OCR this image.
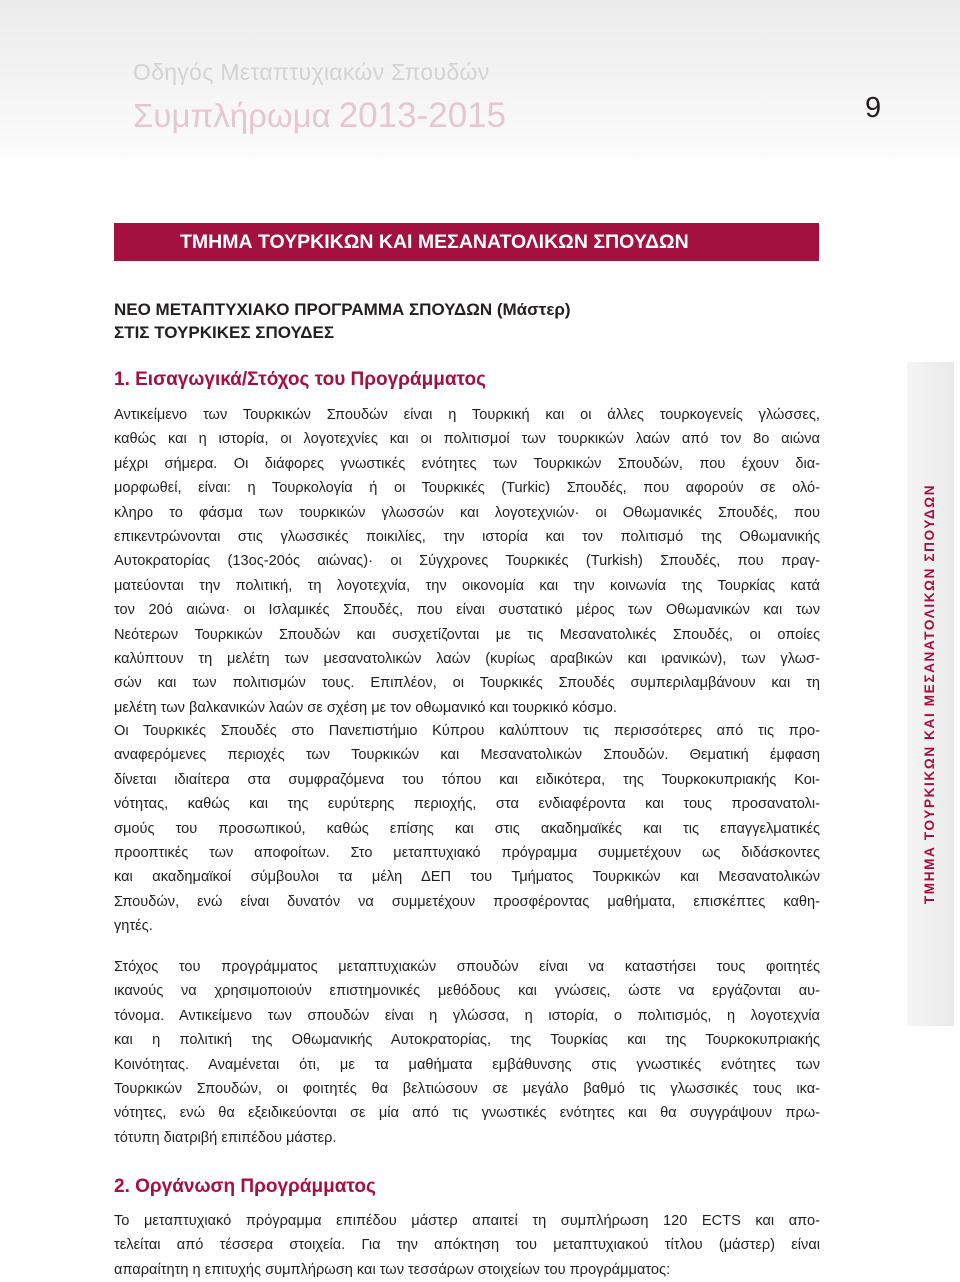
Οδηγός Μεταπτυχιακών Σπουδών
Συμπλήρωμα 2013-2015	9
ΤΜΗΜΑ ΤΟΥΡΚΙΚΩΝ ΚΑΙ ΜΕΣΑΝΑΤΟΛΙΚΩΝ ΣΠΟΥΔΩΝ
ΝΕΟ ΜΕΤΑΠΤΥΧΙΑΚΟ ΠΡΟΓΡΑΜΜΑ ΣΠΟΥΔΩΝ (Μάστερ)
ΣΤΙΣ ΤΟΥΡΚΙΚΕΣ ΣΠΟΥΔΕΣ
1. Εισαγωγικά/Στόχος του Προγράμματος
Αντικείμενο των Τουρκικών Σπουδών είναι η Τουρκική και οι άλλες τουρκογενείς γλώσσες,
καθώς και η ιστορία, οι λογοτεχνίες και οι πολιτισμοί των τουρκικών λαών από τον 8ο αιώνα
μέχρι σήμερα. Οι διάφορες γνωστικές ενότητες των Τουρκικών Σπουδών, που έχουν δια-
μορφωθεί, είναι: η Τουρκολογία ή οι Τουρκικές (Turkic) Σπουδές, που αφορούν σε ολό-
κληρο το φάσμα των τουρκικών γλωσσών και λογοτεχνιών· οι Οθωμανικές Σπουδές, που
επικεντρώνονται στις γλωσσικές ποικιλίες, την ιστορία και τον πολιτισμό της Οθωμανικής
Αυτοκρατορίας (13ος-20ός αιώνας)· οι Σύγχρονες Τουρκικές (Turkish) Σπουδές, που πραγ-
ματεύονται την πολιτική, τη λογοτεχνία, την οικονομία και την κοινωνία της Τουρκίας κατά
τον 20ό αιώνα· οι Ισλαμικές Σπουδές, που είναι συστατικό μέρος των Οθωμανικών και των
Νεότερων Τουρκικών Σπουδών και συσχετίζονται με τις Μεσανατολικές Σπουδές, οι οποίες
καλύπτουν τη μελέτη των μεσανατολικών λαών (κυρίως αραβικών και ιρανικών), των γλωσ-
σών και των πολιτισμών τους. Επιπλέον, οι Τουρκικές Σπουδές συμπεριλαμβάνουν και τη
μελέτη των βαλκανικών λαών σε σχέση με τον οθωμανικό και τουρκικό κόσμο.
Οι Τουρκικές Σπουδές στο Πανεπιστήμιο Κύπρου καλύπτουν τις περισσότερες από τις προ-
αναφερόμενες περιοχές των Τουρκικών και Μεσανατολικών Σπουδών. Θεματική έμφαση
δίνεται ιδιαίτερα στα συμφραζόμενα του τόπου και ειδικότερα, της Τουρκοκυπριακής Κοι-
νότητας, καθώς και της ευρύτερης περιοχής, στα ενδιαφέροντα και τους προσανατολι-
σμούς του προσωπικού, καθώς επίσης και στις ακαδημαϊκές και τις επαγγελματικές
προοπτικές των αποφοίτων. Στο μεταπτυχιακό πρόγραμμα συμμετέχουν ως διδάσκοντες
και ακαδημαϊκοί σύμβουλοι τα μέλη ΔΕΠ του Τμήματος Τουρκικών και Μεσανατολικών
Σπουδών, ενώ είναι δυνατόν να συμμετέχουν προσφέροντας μαθήματα, επισκέπτες καθη-
γητές.
Στόχος του προγράμματος μεταπτυχιακών σπουδών είναι να καταστήσει τους φοιτητές
ικανούς να χρησιμοποιούν επιστημονικές μεθόδους και γνώσεις, ώστε να εργάζονται αυ-
τόνομα. Αντικείμενο των σπουδών είναι η γλώσσα, η ιστορία, ο πολιτισμός, η λογοτεχνία
και η πολιτική της Οθωμανικής Αυτοκρατορίας, της Τουρκίας και της Τουρκοκυπριακής
Κοινότητας. Αναμένεται ότι, με τα μαθήματα εμβάθυνσης στις γνωστικές ενότητες των
Τουρκικών Σπουδών, οι φοιτητές θα βελτιώσουν σε μεγάλο βαθμό τις γλωσσικές τους ικα-
νότητες, ενώ θα εξειδικεύονται σε μία από τις γνωστικές ενότητες και θα συγγράψουν πρω-
τότυπη διατριβή επιπέδου μάστερ.
2. Οργάνωση Προγράμματος
Το μεταπτυχιακό πρόγραμμα επιπέδου μάστερ απαιτεί τη συμπλήρωση 120 ECTS και απο-
τελείται από τέσσερα στοιχεία. Για την απόκτηση του μεταπτυχιακού τίτλου (μάστερ) είναι
απαραίτητη η επιτυχής συμπλήρωση και των τεσσάρων στοιχείων του προγράμματος:
ΤΜΗΜΑ ΤΟΥΡΚΙΚΩΝ ΚΑΙ ΜΕΣΑΝΑΤΟΛΙΚΩΝ ΣΠΟΥΔΩΝ
